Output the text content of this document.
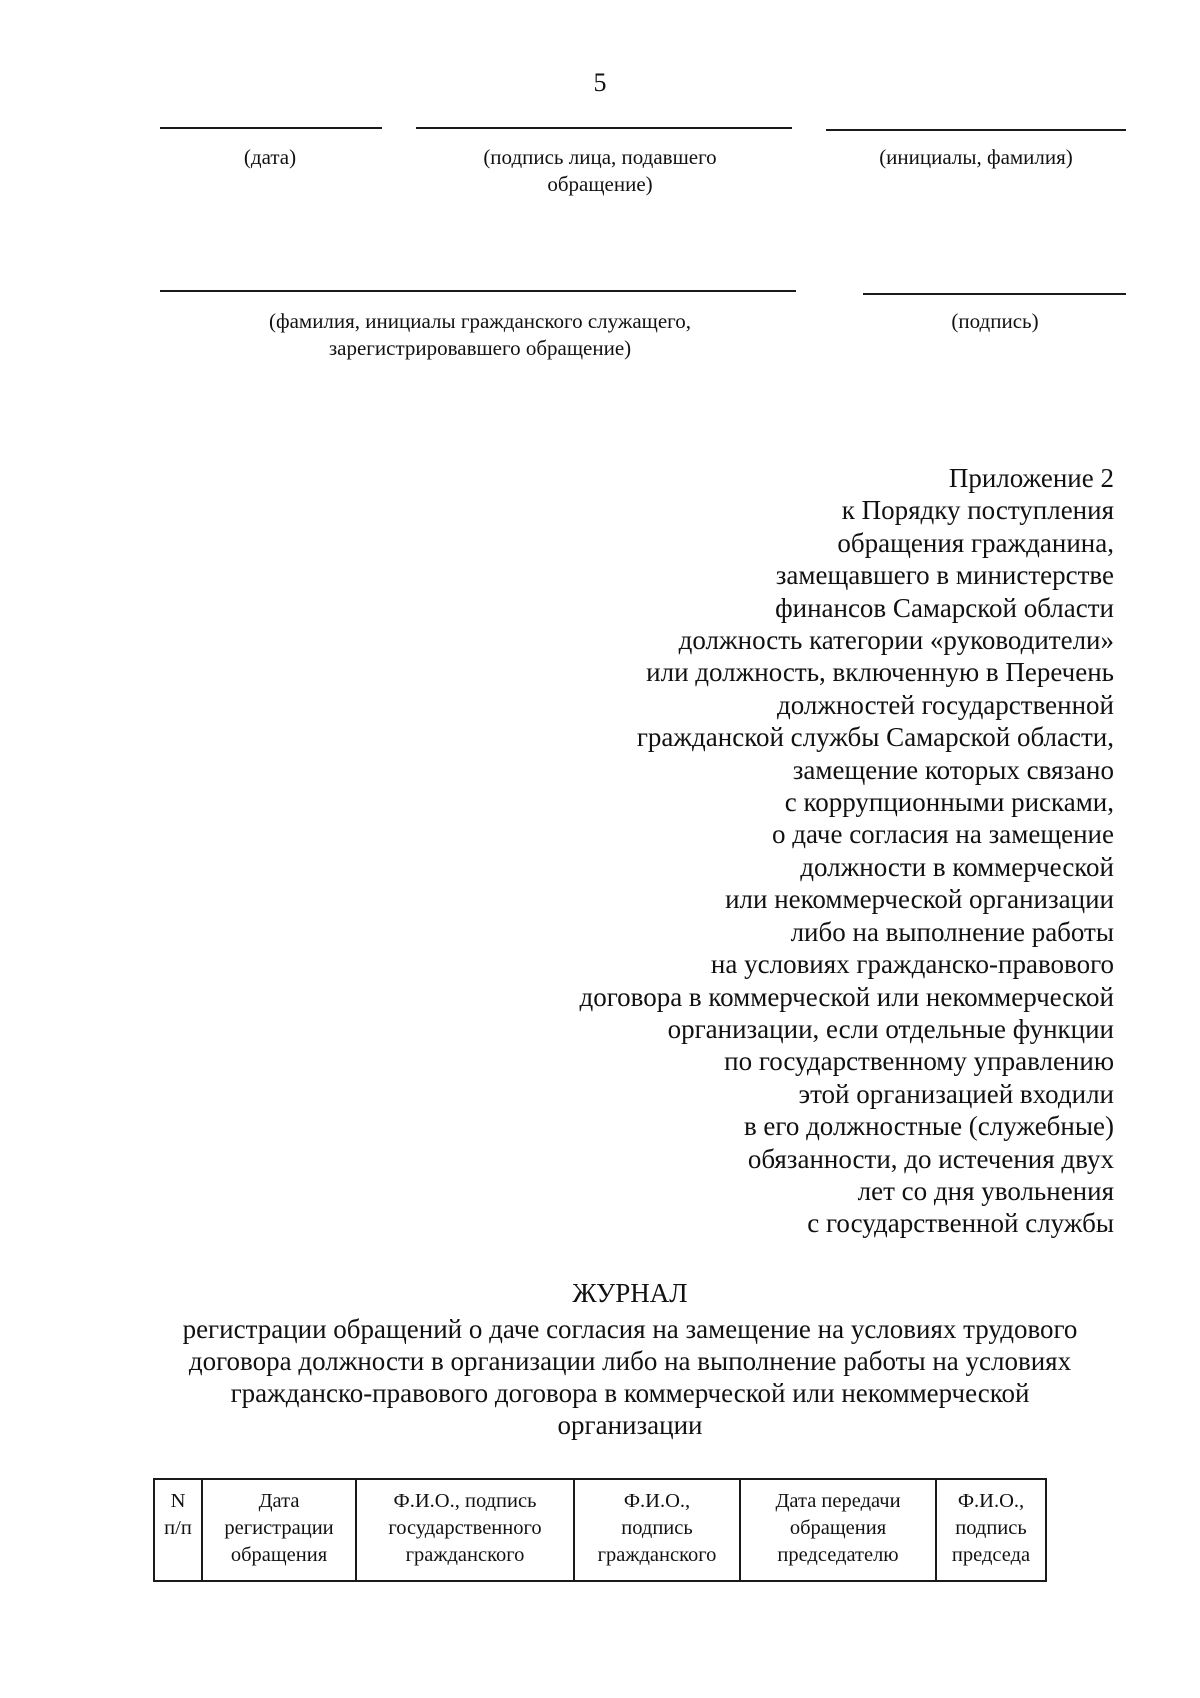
5
(дата)	(подпись лица, подавшего
обращение)
(инициалы, фамилия)
(фамилия, инициалы гражданского служащего,
зарегистрировавшего обращение)
(подпись)
Приложение 2
к Порядку поступления
обращения гражданина,
замещавшего в министерстве
финансов Самарской области
должность категории «руководители»
или должность, включенную в Перечень
должностей государственной
гражданской службы Самарской области,
замещение которых связано
с коррупционными рисками,
о даче согласия на замещение
должности в коммерческой
или некоммерческой организации
либо на выполнение работы
на условиях гражданско-правового
договора в коммерческой или некоммерческой
организации, если отдельные функции
по государственному управлению
этой организацией входили
в его должностные (служебные)
обязанности, до истечения двух
лет со дня увольнения
с государственной службы
ЖУРНАЛ
регистрации обращений о даче согласия на замещение на условиях трудового
договора должности в организации либо на выполнение работы на условиях
гражданско-правового договора в коммерческой или некоммерческой
организации
N
п/п

Дата
регистрации
обращения

Ф.И.О., подпись
государственного
гражданского

Ф.И.О.,
подпись
гражданского

Дата передачи
обращения
председателю

Ф.И.О.,
подпись
председа
